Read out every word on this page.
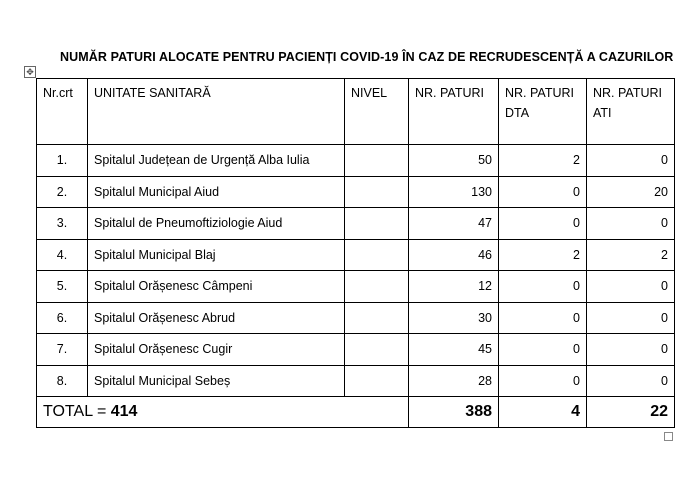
NUMĂR PATURI ALOCATE PENTRU PACIENȚI COVID-19 ÎN CAZ DE RECRUDESCENȚĂ A CAZURILOR
✥
Nr.crt	UNITATE SANITARĂ	NIVEL	NR. PATURI	NR. PATURI DTA	NR. PATURI ATI
1.	Spitalul Județean de Urgență Alba Iulia		50	2	0
2.	Spitalul Municipal Aiud		130	0	20
3.	Spitalul de Pneumoftiziologie Aiud		47	0	0
4.	Spitalul Municipal Blaj		46	2	2
5.	Spitalul Orășenesc Câmpeni		12	0	0
6.	Spitalul Orășenesc Abrud		30	0	0
7.	Spitalul Orășenesc Cugir		45	0	0
8.	Spitalul Municipal Sebeș		28	0	0
TOTAL = 414			388	4	22
